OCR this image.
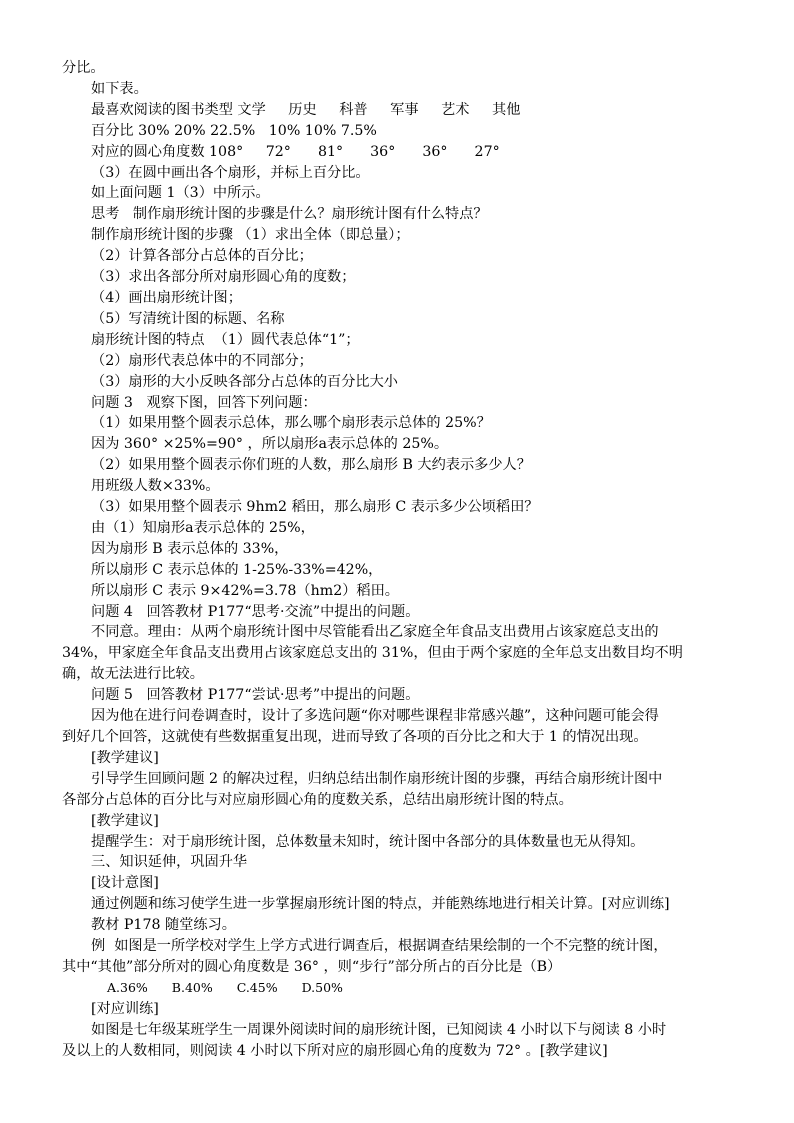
分比。
如下表。
最喜欢阅读的图书类型 文学     历史     科普     军事     艺术     其他
百分比 30% 20% 22.5%   10% 10% 7.5%
对应的圆心角度数 108°     72°      81°      36°      36°      27°
（3）在圆中画出各个扇形，并标上百分比。
如上面问题 1（3）中所示。
思考   制作扇形统计图的步骤是什么？扇形统计图有什么特点？
制作扇形统计图的步骤 （1）求出全体（即总量）；
（2）计算各部分占总体的百分比；
（3）求出各部分所对扇形圆心角的度数；
（4）画出扇形统计图；
（5）写清统计图的标题、名称
扇形统计图的特点  （1）圆代表总体“1”；
（2）扇形代表总体中的不同部分；
（3）扇形的大小反映各部分占总体的百分比大小
问题 3   观察下图，回答下列问题：
（1）如果用整个圆表示总体，那么哪个扇形表示总体的 25%？
因为 360° ×25%=90° ，所以扇形a表示总体的 25%。
（2）如果用整个圆表示你们班的人数，那么扇形 B 大约表示多少人？
用班级人数×33%。
（3）如果用整个圆表示 9hm2 稻田，那么扇形 C 表示多少公顷稻田？
由（1）知扇形a表示总体的 25%，
因为扇形 B 表示总体的 33%，
所以扇形 C 表示总体的 1-25%-33%=42%，
所以扇形 C 表示 9×42%=3.78（hm2）稻田。
问题 4   回答教材 P177“思考·交流”中提出的问题。
不同意。理由：从两个扇形统计图中尽管能看出乙家庭全年食品支出费用占该家庭总支出的
34%，甲家庭全年食品支出费用占该家庭总支出的 31%，但由于两个家庭的全年总支出数目均不明
确，故无法进行比较。
问题 5   回答教材 P177“尝试·思考”中提出的问题。
因为他在进行问卷调查时，设计了多选问题“你对哪些课程非常感兴趣”，这种问题可能会得
到好几个回答，这就使有些数据重复出现，进而导致了各项的百分比之和大于 1 的情况出现。
[教学建议]
引导学生回顾问题 2 的解决过程，归纳总结出制作扇形统计图的步骤，再结合扇形统计图中
各部分占总体的百分比与对应扇形圆心角的度数关系，总结出扇形统计图的特点。
[教学建议]
提醒学生：对于扇形统计图，总体数量未知时，统计图中各部分的具体数量也无从得知。
三、知识延伸，巩固升华
[设计意图]
通过例题和练习使学生进一步掌握扇形统计图的特点，并能熟练地进行相关计算。[对应训练]
教材 P178 随堂练习。
例  如图是一所学校对学生上学方式进行调查后，根据调查结果绘制的一个不完整的统计图，
其中“其他”部分所对的圆心角度数是 36° ，则“步行”部分所占的百分比是（B）
A.36% B.40% C.45% D.50%
[对应训练]
如图是七年级某班学生一周课外阅读时间的扇形统计图，已知阅读 4 小时以下与阅读 8 小时
及以上的人数相同，则阅读 4 小时以下所对应的扇形圆心角的度数为 72° 。[教学建议]
